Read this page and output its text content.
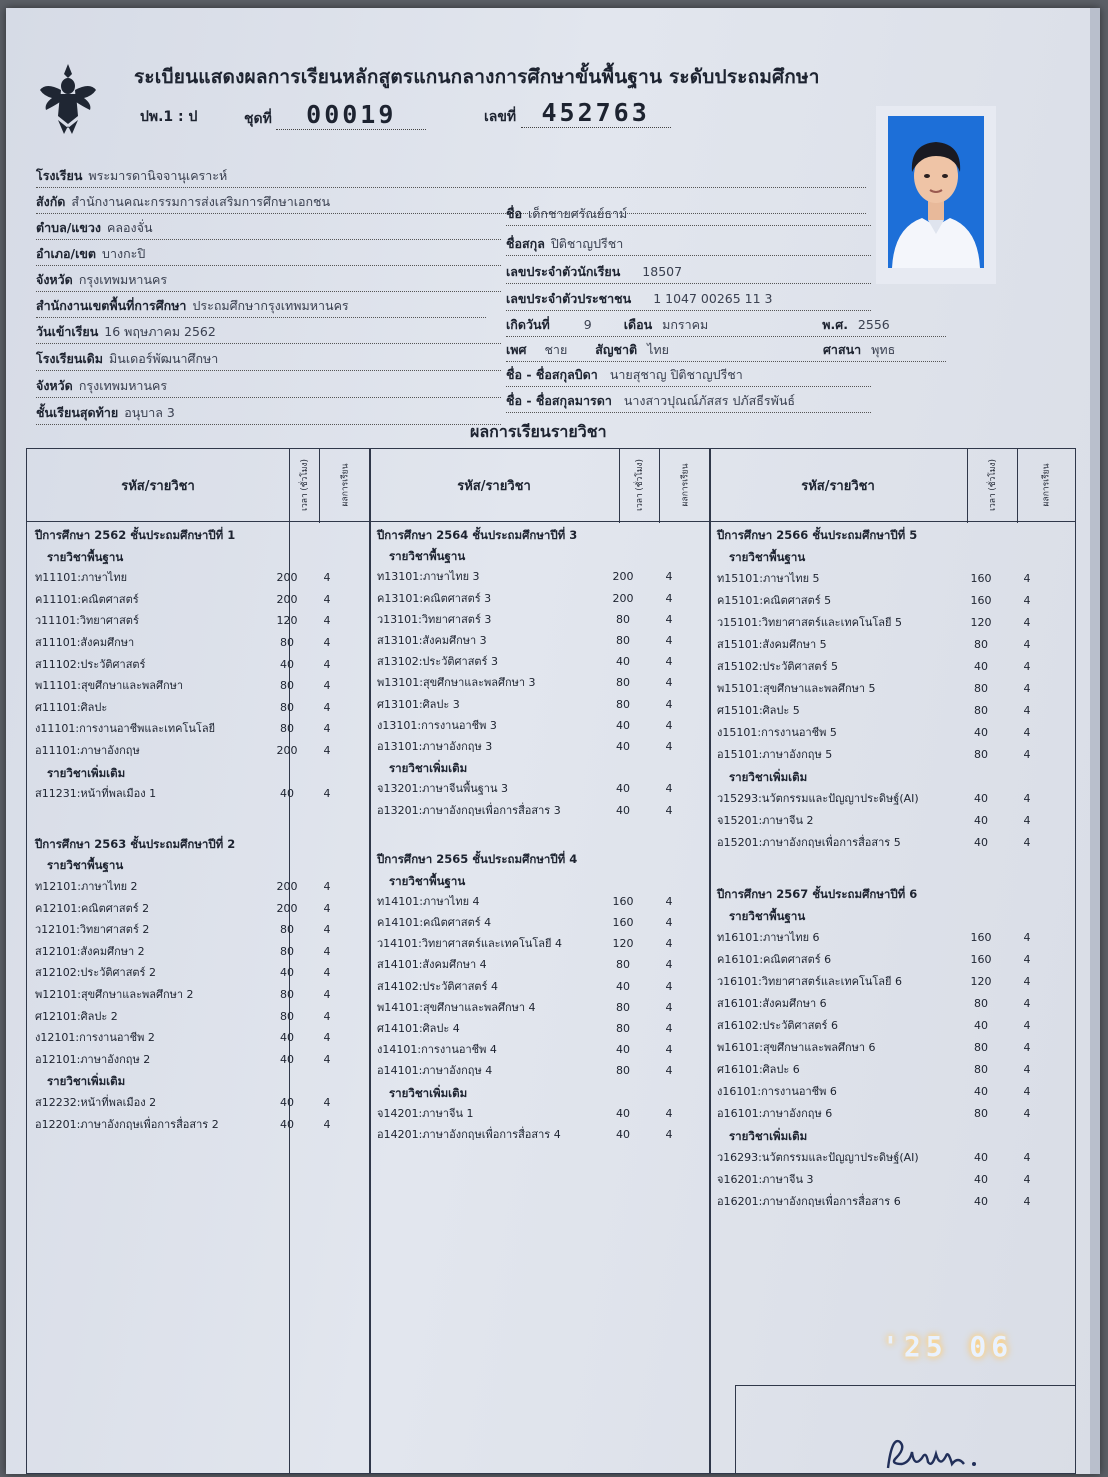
ระเบียนแสดงผลการเรียนหลักสูตรแกนกลางการศึกษาขั้นพื้นฐาน ระดับประถมศึกษา
ปพ.1 : ป	ชุดที่ 00019	เลขที่ 452763
โรงเรียน พระมารดานิจจานุเคราะห์
สังกัด สำนักงานคณะกรรมการส่งเสริมการศึกษาเอกชน
ตำบล/แขวง คลองจั่น
อำเภอ/เขต บางกะปิ
จังหวัด กรุงเทพมหานคร
สำนักงานเขตพื้นที่การศึกษา ประถมศึกษากรุงเทพมหานคร
วันเข้าเรียน 16 พฤษภาคม 2562
โรงเรียนเดิม มินเดอร์พัฒนาศึกษา
จังหวัด กรุงเทพมหานคร
ชั้นเรียนสุดท้าย อนุบาล 3
ชื่อ เด็กชายศรัณย์ธาม์
ชื่อสกุล ปิติชาญปรีชา
เลขประจำตัวนักเรียน 18507
เลขประจำตัวประชาชน 1 1047 00265 11 3
เกิดวันที่	9	เดือน มกราคม	พ.ศ. 2556
เพศ ชาย สัญชาติ ไทย	ศาสนา พุทธ
ชื่อ - ชื่อสกุลบิดา นายสุชาญ ปิติชาญปรีชา
ชื่อ - ชื่อสกุลมารดา นางสาวปุณณ์ภัสสร ปภัสธีรพันธ์
ผลการเรียนรายวิชา
รหัส/รายวิชา	เวลา (ชั่วโมง)	ผลการเรียน	รหัส/รายวิชา	เวลา (ชั่วโมง)	ผลการเรียน	รหัส/รายวิชา	เวลา (ชั่วโมง)	ผลการเรียน
ปีการศึกษา 2562 ชั้นประถมศึกษาปีที่ 1
รายวิชาพื้นฐาน
ท11101:ภาษาไทย	200	4
ค11101:คณิตศาสตร์	200	4
ว11101:วิทยาศาสตร์	120	4
ส11101:สังคมศึกษา	80	4
ส11102:ประวัติศาสตร์	40	4
พ11101:สุขศึกษาและพลศึกษา	80	4
ศ11101:ศิลปะ	80	4
ง11101:การงานอาชีพและเทคโนโลยี	80	4
อ11101:ภาษาอังกฤษ	200	4
รายวิชาเพิ่มเติม
ส11231:หน้าที่พลเมือง 1	40	4
ปีการศึกษา 2563 ชั้นประถมศึกษาปีที่ 2
รายวิชาพื้นฐาน
ท12101:ภาษาไทย 2	200	4
ค12101:คณิตศาสตร์ 2	200	4
ว12101:วิทยาศาสตร์ 2	80	4
ส12101:สังคมศึกษา 2	80	4
ส12102:ประวัติศาสตร์ 2	40	4
พ12101:สุขศึกษาและพลศึกษา 2	80	4
ศ12101:ศิลปะ 2	80	4
ง12101:การงานอาชีพ 2	40	4
อ12101:ภาษาอังกฤษ 2	40	4
รายวิชาเพิ่มเติม
ส12232:หน้าที่พลเมือง 2	40	4
อ12201:ภาษาอังกฤษเพื่อการสื่อสาร 2	40	4
ปีการศึกษา 2564 ชั้นประถมศึกษาปีที่ 3
รายวิชาพื้นฐาน
ท13101:ภาษาไทย 3	200	4
ค13101:คณิตศาสตร์ 3	200	4
ว13101:วิทยาศาสตร์ 3	80	4
ส13101:สังคมศึกษา 3	80	4
ส13102:ประวัติศาสตร์ 3	40	4
พ13101:สุขศึกษาและพลศึกษา 3	80	4
ศ13101:ศิลปะ 3	80	4
ง13101:การงานอาชีพ 3	40	4
อ13101:ภาษาอังกฤษ 3	40	4
รายวิชาเพิ่มเติม
จ13201:ภาษาจีนพื้นฐาน 3	40	4
อ13201:ภาษาอังกฤษเพื่อการสื่อสาร 3	40	4
ปีการศึกษา 2565 ชั้นประถมศึกษาปีที่ 4
รายวิชาพื้นฐาน
ท14101:ภาษาไทย 4	160	4
ค14101:คณิตศาสตร์ 4	160	4
ว14101:วิทยาศาสตร์และเทคโนโลยี 4	120	4
ส14101:สังคมศึกษา 4	80	4
ส14102:ประวัติศาสตร์ 4	40	4
พ14101:สุขศึกษาและพลศึกษา 4	80	4
ศ14101:ศิลปะ 4	80	4
ง14101:การงานอาชีพ 4	40	4
อ14101:ภาษาอังกฤษ 4	80	4
รายวิชาเพิ่มเติม
จ14201:ภาษาจีน 1	40	4
อ14201:ภาษาอังกฤษเพื่อการสื่อสาร 4	40	4
ปีการศึกษา 2566 ชั้นประถมศึกษาปีที่ 5
รายวิชาพื้นฐาน
ท15101:ภาษาไทย 5	160	4
ค15101:คณิตศาสตร์ 5	160	4
ว15101:วิทยาศาสตร์และเทคโนโลยี 5	120	4
ส15101:สังคมศึกษา 5	80	4
ส15102:ประวัติศาสตร์ 5	40	4
พ15101:สุขศึกษาและพลศึกษา 5	80	4
ศ15101:ศิลปะ 5	80	4
ง15101:การงานอาชีพ 5	40	4
อ15101:ภาษาอังกฤษ 5	80	4
รายวิชาเพิ่มเติม
ว15293:นวัตกรรมและปัญญาประดิษฐ์(AI)	40	4
จ15201:ภาษาจีน 2	40	4
อ15201:ภาษาอังกฤษเพื่อการสื่อสาร 5	40	4
ปีการศึกษา 2567 ชั้นประถมศึกษาปีที่ 6
รายวิชาพื้นฐาน
ท16101:ภาษาไทย 6	160	4
ค16101:คณิตศาสตร์ 6	160	4
ว16101:วิทยาศาสตร์และเทคโนโลยี 6	120	4
ส16101:สังคมศึกษา 6	80	4
ส16102:ประวัติศาสตร์ 6	40	4
พ16101:สุขศึกษาและพลศึกษา 6	80	4
ศ16101:ศิลปะ 6	80	4
ง16101:การงานอาชีพ 6	40	4
อ16101:ภาษาอังกฤษ 6	80	4
รายวิชาเพิ่มเติม
ว16293:นวัตกรรมและปัญญาประดิษฐ์(AI)	40	4
จ16201:ภาษาจีน 3	40	4
อ16201:ภาษาอังกฤษเพื่อการสื่อสาร 6	40	4
'25 06
